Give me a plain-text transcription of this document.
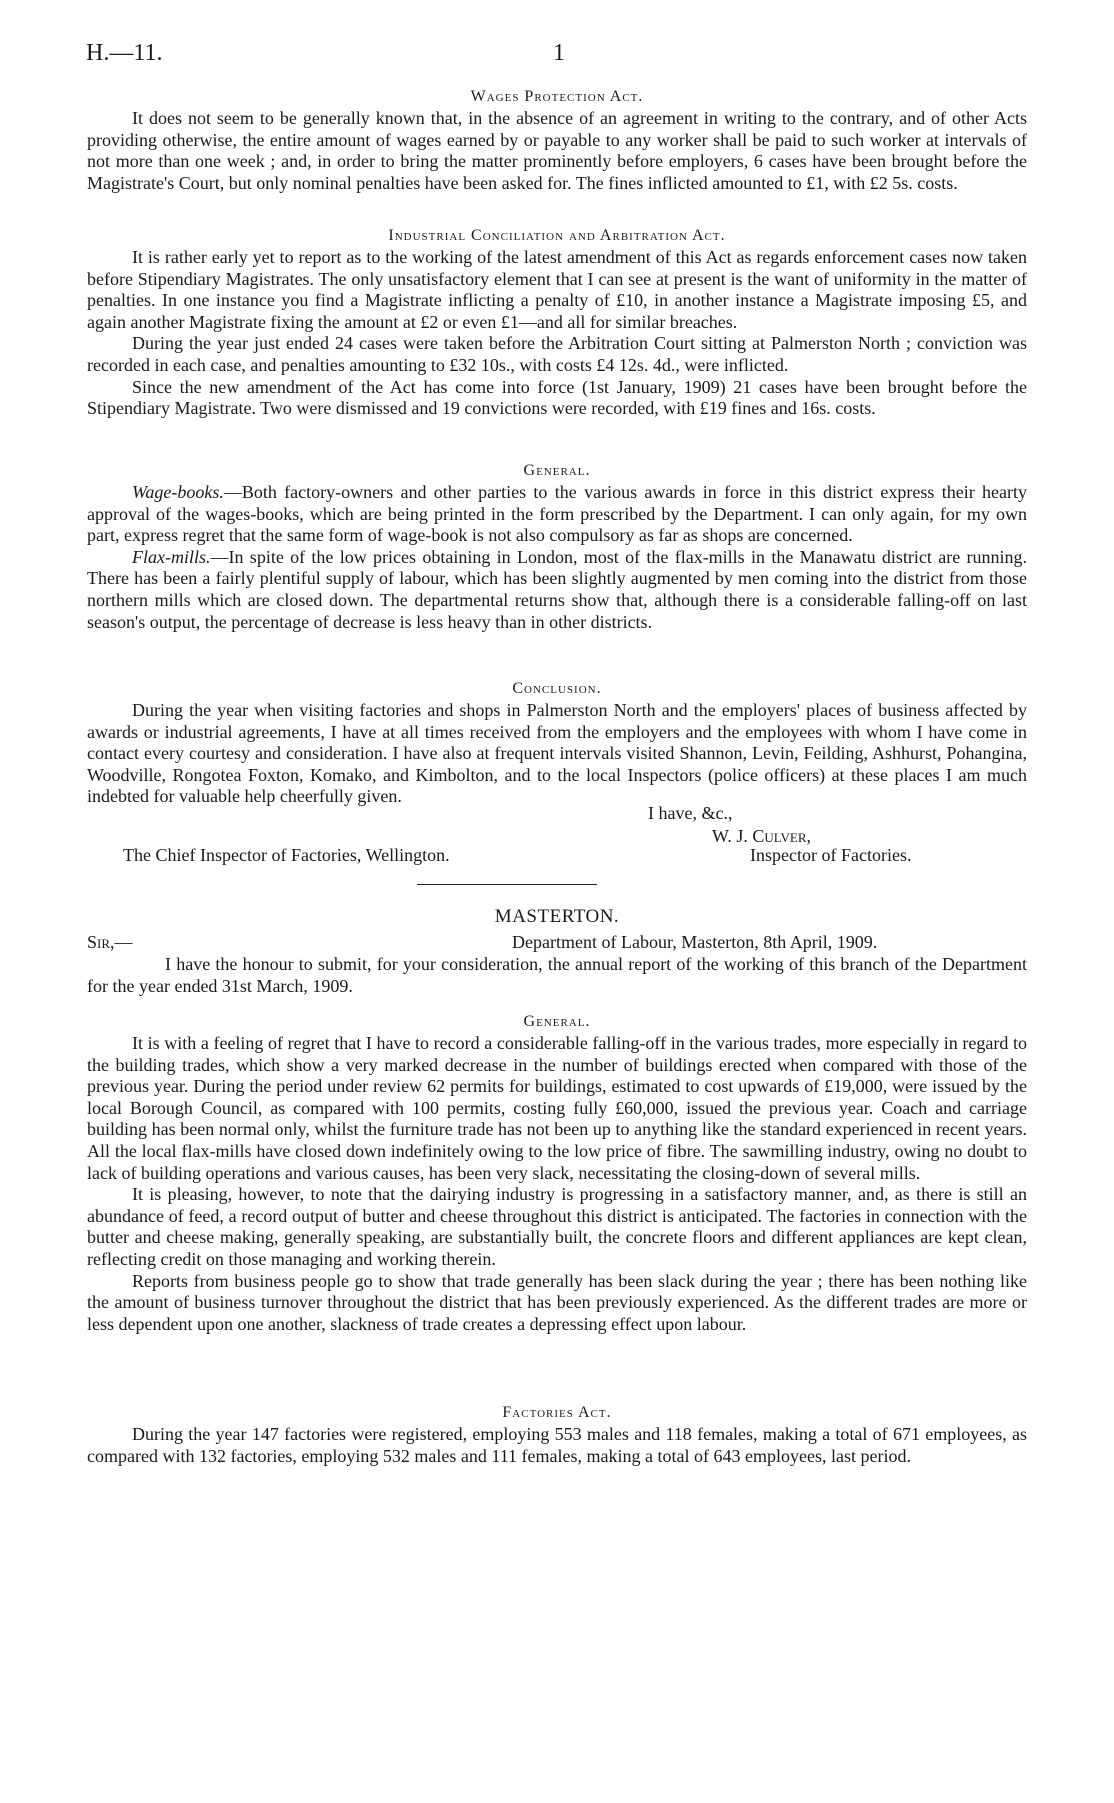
H.—11.	1
Wages Protection Act.

It does not seem to be generally known that, in the absence of an agreement in writing to the contrary, and of other Acts providing otherwise, the entire amount of wages earned by or payable to any worker shall be paid to such worker at intervals of not more than one week ; and, in order to bring the matter prominently before employers, 6 cases have been brought before the Magistrate's Court, but only nominal penalties have been asked for. The fines inflicted amounted to £1, with £2 5s. costs.

Industrial Conciliation and Arbitration Act.

It is rather early yet to report as to the working of the latest amendment of this Act as regards enforcement cases now taken before Stipendiary Magistrates. The only unsatisfactory element that I can see at present is the want of uniformity in the matter of penalties. In one instance you find a Magistrate inflicting a penalty of £10, in another instance a Magistrate imposing £5, and again another Magistrate fixing the amount at £2 or even £1—and all for similar breaches.

During the year just ended 24 cases were taken before the Arbitration Court sitting at Palmerston North ; conviction was recorded in each case, and penalties amounting to £32 10s., with costs £4 12s. 4d., were inflicted.

Since the new amendment of the Act has come into force (1st January, 1909) 21 cases have been brought before the Stipendiary Magistrate. Two were dismissed and 19 convictions were recorded, with £19 fines and 16s. costs.

General.

Wage-books.—Both factory-owners and other parties to the various awards in force in this district express their hearty approval of the wages-books, which are being printed in the form prescribed by the Department. I can only again, for my own part, express regret that the same form of wage-book is not also compulsory as far as shops are concerned.

Flax-mills.—In spite of the low prices obtaining in London, most of the flax-mills in the Manawatu district are running. There has been a fairly plentiful supply of labour, which has been slightly augmented by men coming into the district from those northern mills which are closed down. The departmental returns show that, although there is a considerable falling-off on last season's output, the percentage of decrease is less heavy than in other districts.

Conclusion.

During the year when visiting factories and shops in Palmerston North and the employers' places of business affected by awards or industrial agreements, I have at all times received from the employers and the employees with whom I have come in contact every courtesy and consideration. I have also at frequent intervals visited Shannon, Levin, Feilding, Ashhurst, Pohangina, Woodville, Rongotea Foxton, Komako, and Kimbolton, and to the local Inspectors (police officers) at these places I am much indebted for valuable help cheerfully given.

I have, &c.,
W. J. Culver,
The Chief Inspector of Factories, Wellington.	Inspector of Factories.
MASTERTON.
Sir,—	Department of Labour, Masterton, 8th April, 1909.

I have the honour to submit, for your consideration, the annual report of the working of this branch of the Department for the year ended 31st March, 1909.

General.

It is with a feeling of regret that I have to record a considerable falling-off in the various trades, more especially in regard to the building trades, which show a very marked decrease in the number of buildings erected when compared with those of the previous year. During the period under review 62 permits for buildings, estimated to cost upwards of £19,000, were issued by the local Borough Council, as compared with 100 permits, costing fully £60,000, issued the previous year. Coach and carriage building has been normal only, whilst the furniture trade has not been up to anything like the standard experienced in recent years. All the local flax-mills have closed down indefinitely owing to the low price of fibre. The sawmilling industry, owing no doubt to lack of building operations and various causes, has been very slack, necessitating the closing-down of several mills.

It is pleasing, however, to note that the dairying industry is progressing in a satisfactory manner, and, as there is still an abundance of feed, a record output of butter and cheese throughout this district is anticipated. The factories in connection with the butter and cheese making, generally speaking, are substantially built, the concrete floors and different appliances are kept clean, reflecting credit on those managing and working therein.

Reports from business people go to show that trade generally has been slack during the year ; there has been nothing like the amount of business turnover throughout the district that has been previously experienced. As the different trades are more or less dependent upon one another, slackness of trade creates a depressing effect upon labour.

Factories Act.

During the year 147 factories were registered, employing 553 males and 118 females, making a total of 671 employees, as compared with 132 factories, employing 532 males and 111 females, making a total of 643 employees, last period.
